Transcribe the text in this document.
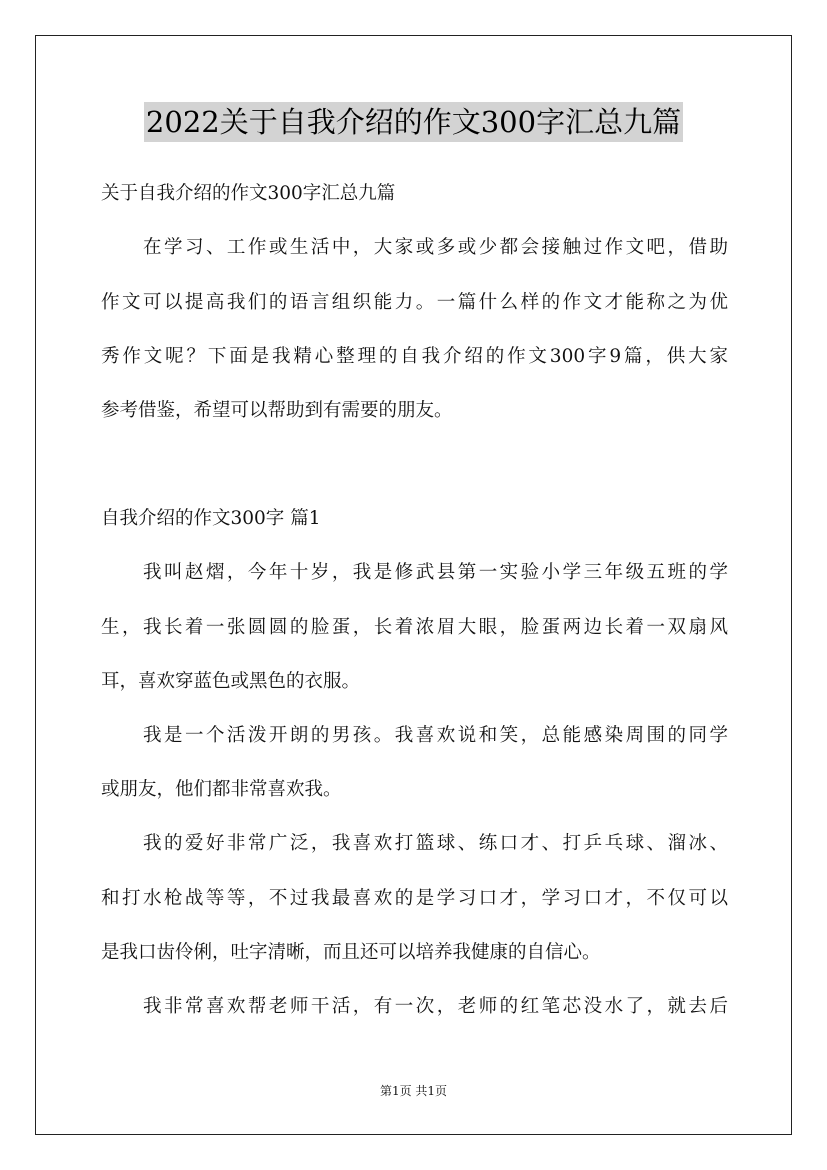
2022关于自我介绍的作文300字汇总九篇
关于自我介绍的作文300字汇总九篇
在学习、工作或生活中，大家或多或少都会接触过作文吧，借助
作文可以提高我们的语言组织能力。一篇什么样的作文才能称之为优
秀作文呢？下面是我精心整理的自我介绍的作文300字9篇，供大家
参考借鉴，希望可以帮助到有需要的朋友。
自我介绍的作文300字 篇1
我叫赵熠，今年十岁，我是修武县第一实验小学三年级五班的学
生，我长着一张圆圆的脸蛋，长着浓眉大眼，脸蛋两边长着一双扇风
耳，喜欢穿蓝色或黑色的衣服。
我是一个活泼开朗的男孩。我喜欢说和笑，总能感染周围的同学
或朋友，他们都非常喜欢我。
我的爱好非常广泛，我喜欢打篮球、练口才、打乒乓球、溜冰、
和打水枪战等等，不过我最喜欢的是学习口才，学习口才，不仅可以
是我口齿伶俐，吐字清晰，而且还可以培养我健康的自信心。
我非常喜欢帮老师干活，有一次，老师的红笔芯没水了，就去后
第1页 共1页
